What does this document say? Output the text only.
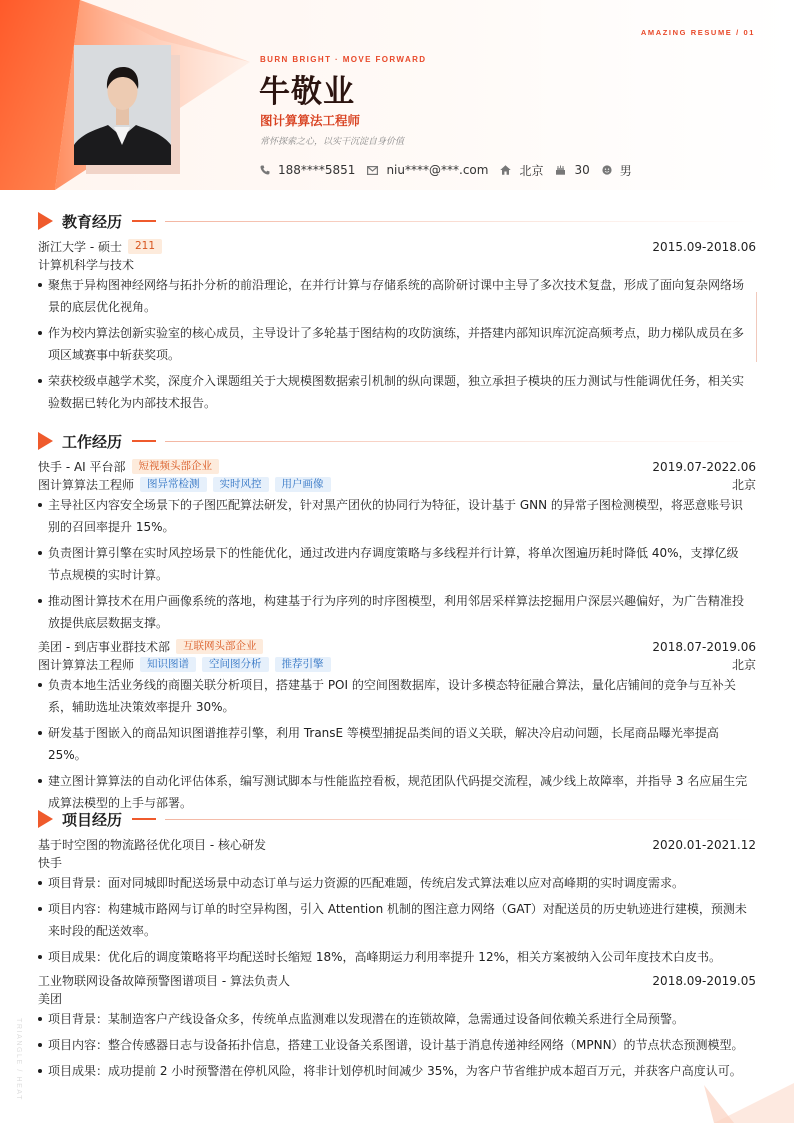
AMAZING RESUME / 01
BURN BRIGHT · MOVE FORWARD
牛敬业
图计算算法工程师
常怀探索之心，以实干沉淀自身价值
188****5851	niu****@***.com	北京	30	男
教育经历
浙江大学 - 硕士	211	2015.09-2018.06
计算机科学与技术
聚焦于异构图神经网络与拓扑分析的前沿理论，在并行计算与存储系统的高阶研讨课中主导了多次技术复盘，形成了面向复杂网络场景的底层优化视角。
作为校内算法创新实验室的核心成员，主导设计了多轮基于图结构的攻防演练，并搭建内部知识库沉淀高频考点，助力梯队成员在多项区域赛事中斩获奖项。
荣获校级卓越学术奖，深度介入课题组关于大规模图数据索引机制的纵向课题，独立承担子模块的压力测试与性能调优任务，相关实验数据已转化为内部技术报告。
工作经历
快手 - AI 平台部	短视频头部企业	2019.07-2022.06
图计算算法工程师	图异常检测	实时风控	用户画像	北京
主导社区内容安全场景下的子图匹配算法研发，针对黑产团伙的协同行为特征，设计基于 GNN 的异常子图检测模型，将恶意账号识别的召回率提升 15%。
负责图计算引擎在实时风控场景下的性能优化，通过改进内存调度策略与多线程并行计算，将单次图遍历耗时降低 40%，支撑亿级节点规模的实时计算。
推动图计算技术在用户画像系统的落地，构建基于行为序列的时序图模型，利用邻居采样算法挖掘用户深层兴趣偏好，为广告精准投放提供底层数据支撑。
美团 - 到店事业群技术部	互联网头部企业	2018.07-2019.06
图计算算法工程师	知识图谱	空间图分析	推荐引擎	北京
负责本地生活业务线的商圈关联分析项目，搭建基于 POI 的空间图数据库，设计多模态特征融合算法，量化店铺间的竞争与互补关系，辅助选址决策效率提升 30%。
研发基于图嵌入的商品知识图谱推荐引擎，利用 TransE 等模型捕捉品类间的语义关联，解决冷启动问题，长尾商品曝光率提高 25%。
建立图计算算法的自动化评估体系，编写测试脚本与性能监控看板，规范团队代码提交流程，减少线上故障率，并指导 3 名应届生完成算法模型的上手与部署。
项目经历
基于时空图的物流路径优化项目 - 核心研发	2020.01-2021.12
快手
项目背景：面对同城即时配送场景中动态订单与运力资源的匹配难题，传统启发式算法难以应对高峰期的实时调度需求。
项目内容：构建城市路网与订单的时空异构图，引入 Attention 机制的图注意力网络（GAT）对配送员的历史轨迹进行建模，预测未来时段的配送效率。
项目成果：优化后的调度策略将平均配送时长缩短 18%，高峰期运力利用率提升 12%，相关方案被纳入公司年度技术白皮书。
工业物联网设备故障预警图谱项目 - 算法负责人	2018.09-2019.05
美团
项目背景：某制造客户产线设备众多，传统单点监测难以发现潜在的连锁故障，急需通过设备间依赖关系进行全局预警。
项目内容：整合传感器日志与设备拓扑信息，搭建工业设备关系图谱，设计基于消息传递神经网络（MPNN）的节点状态预测模型。
项目成果：成功提前 2 小时预警潜在停机风险，将非计划停机时间减少 35%，为客户节省维护成本超百万元，并获客户高度认可。
TRIANGLE / HEAT
